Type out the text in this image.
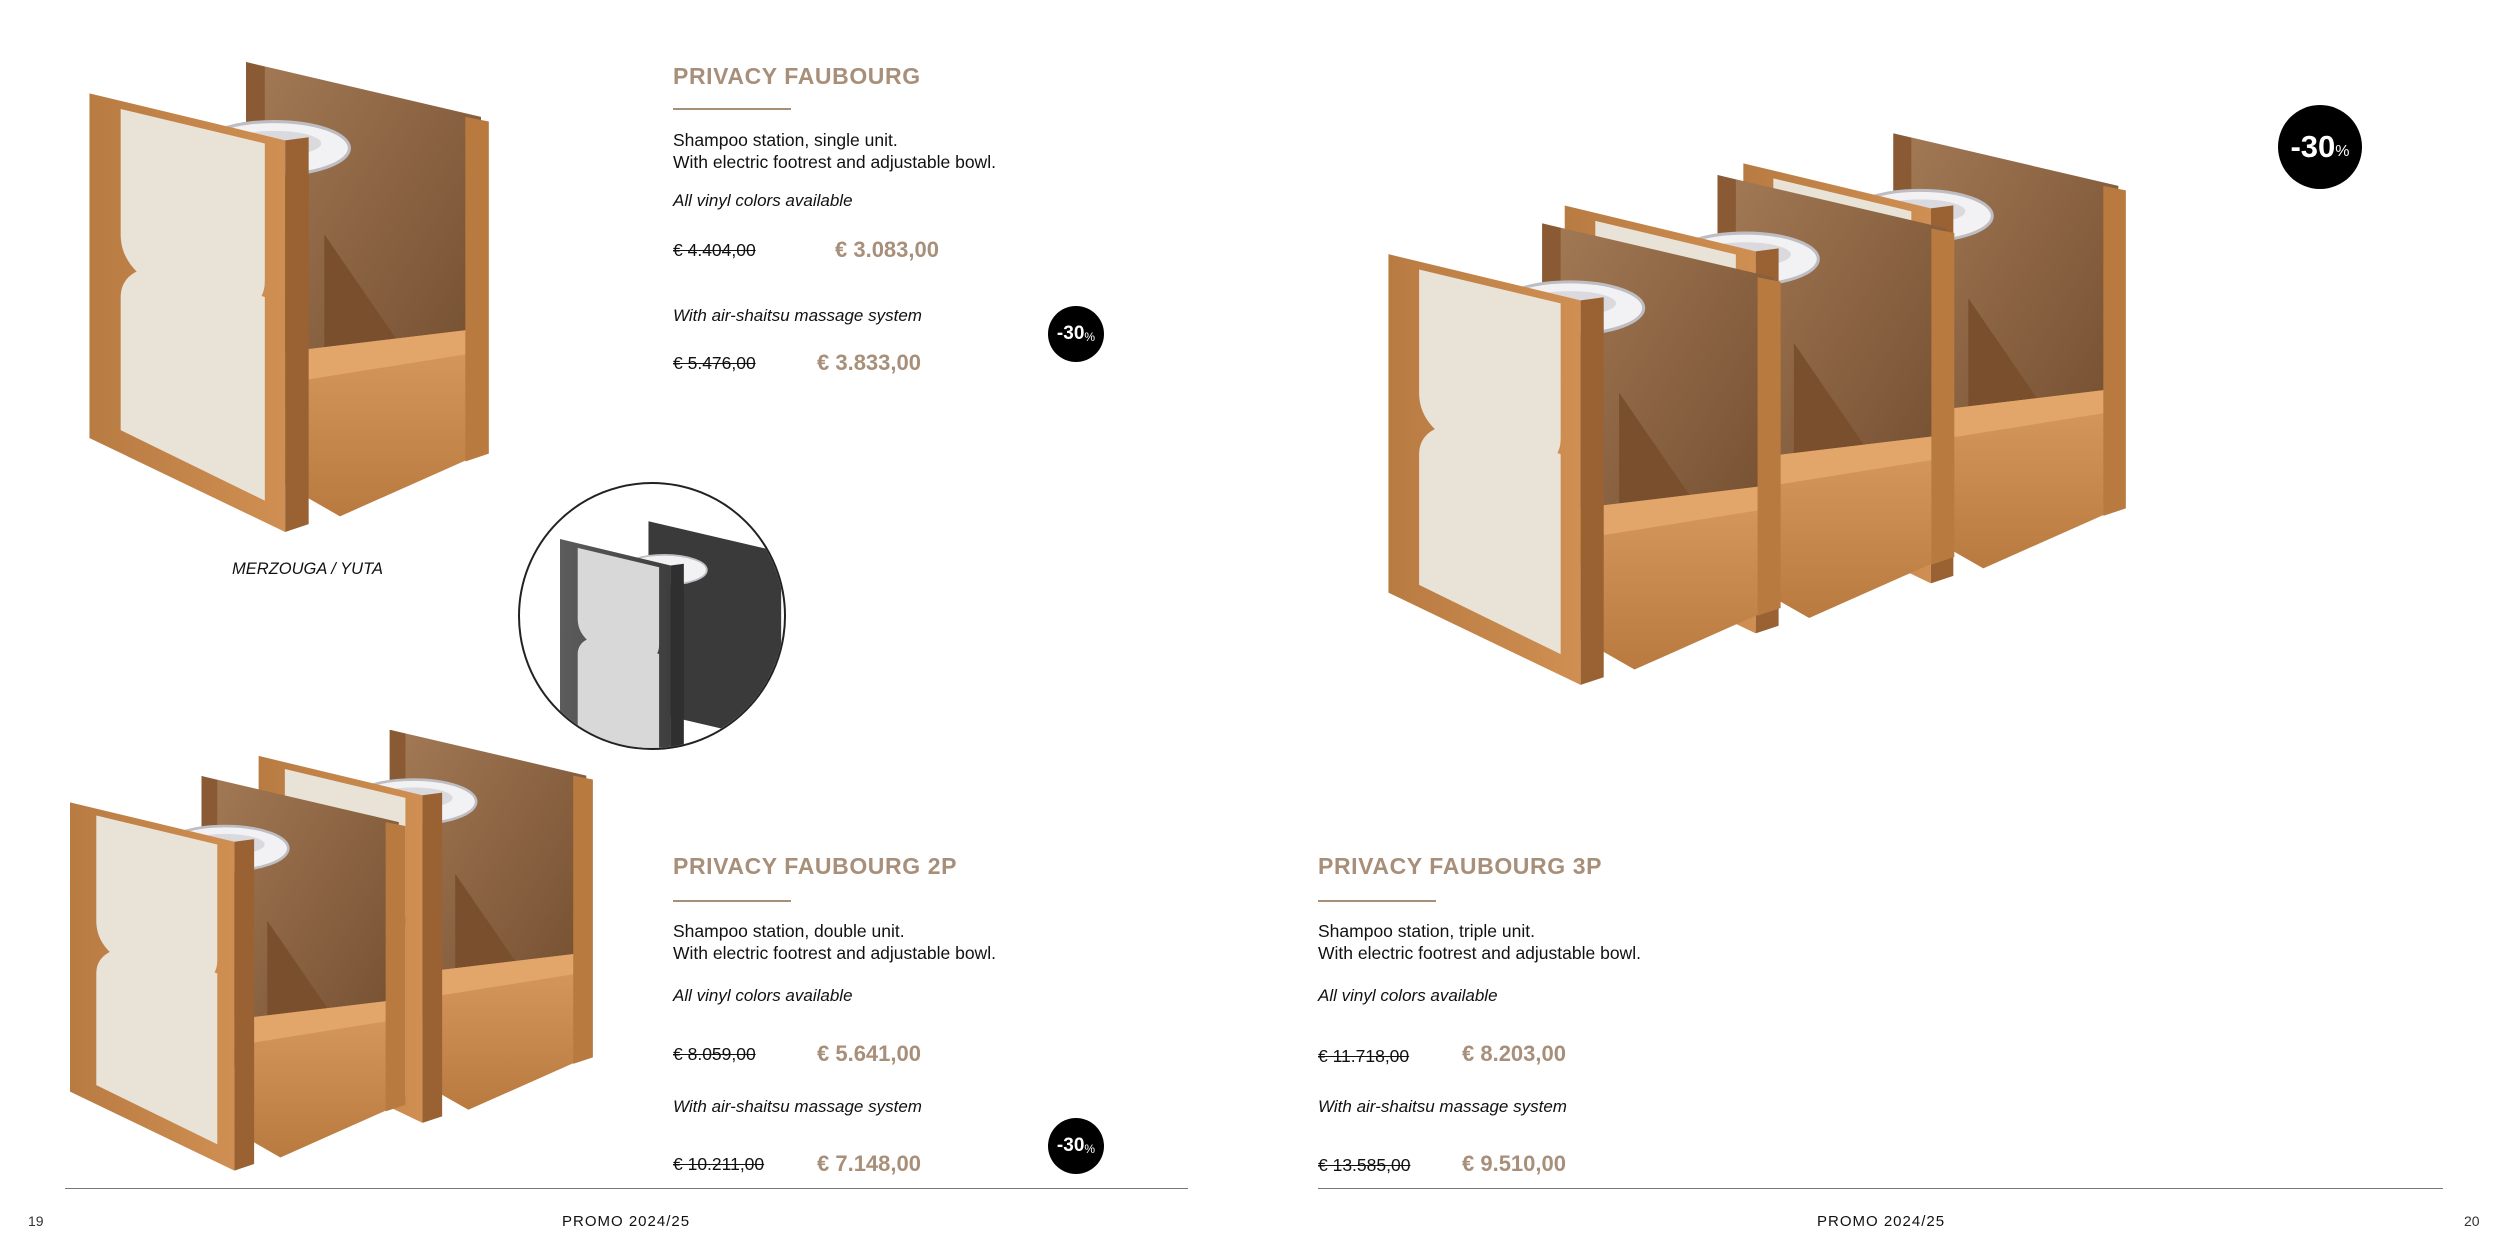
MERZOUGA / YUTA
PRIVACY FAUBOURG
Shampoo station, single unit.
With electric footrest and adjustable bowl.
All vinyl colors available
€ 4.404,00	€ 3.083,00
With air-shaitsu massage system
€ 5.476,00	€ 3.833,00
-30 %
PRIVACY FAUBOURG 2P
Shampoo station, double unit.
With electric footrest and adjustable bowl.
All vinyl colors available
€ 8.059,00	€ 5.641,00
With air-shaitsu massage system
€ 10.211,00 € 7.148,00
-30 %
19	PROMO 2024/25
-30 %
PRIVACY FAUBOURG 3P
Shampoo station, triple unit.
With electric footrest and adjustable bowl.
All vinyl colors available
€ 11.718,00 € 8.203,00
With air-shaitsu massage system
€ 13.585,00 € 9.510,00
PROMO 2024/25	20
